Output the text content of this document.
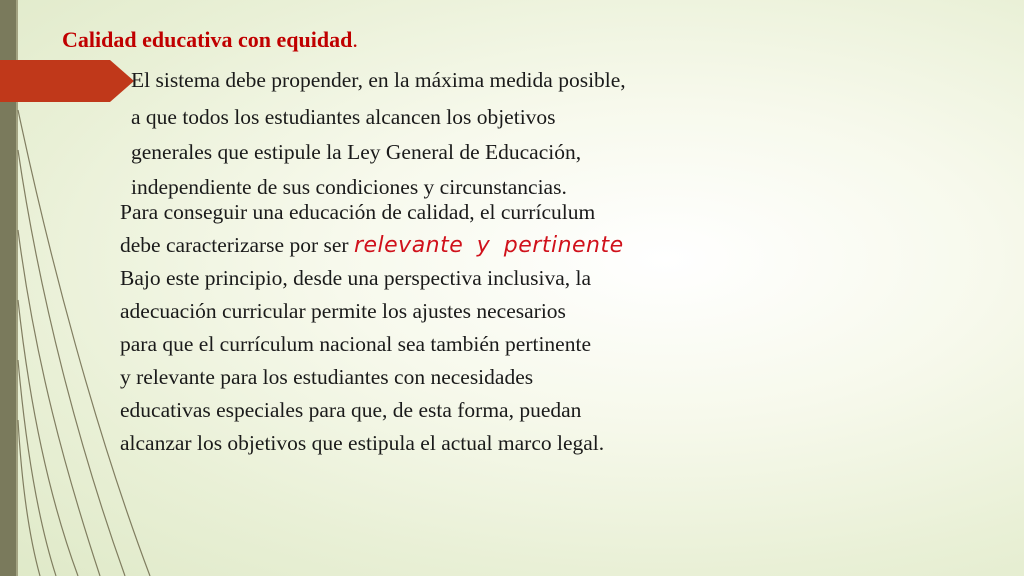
Calidad educativa con equidad.
El sistema debe propender, en la máxima medida posible,
a que todos los estudiantes alcancen los objetivos
generales que estipule la Ley General de Educación,
independiente de sus condiciones y circunstancias.
Para conseguir una educación de calidad, el currículum
debe caracterizarse por ser relevante y pertinente
Bajo este principio, desde una perspectiva inclusiva, la
adecuación curricular permite los ajustes necesarios
para que el currículum nacional sea también pertinente
y relevante para los estudiantes con necesidades
educativas especiales para que, de esta forma, puedan
alcanzar los objetivos que estipula el actual marco legal.
